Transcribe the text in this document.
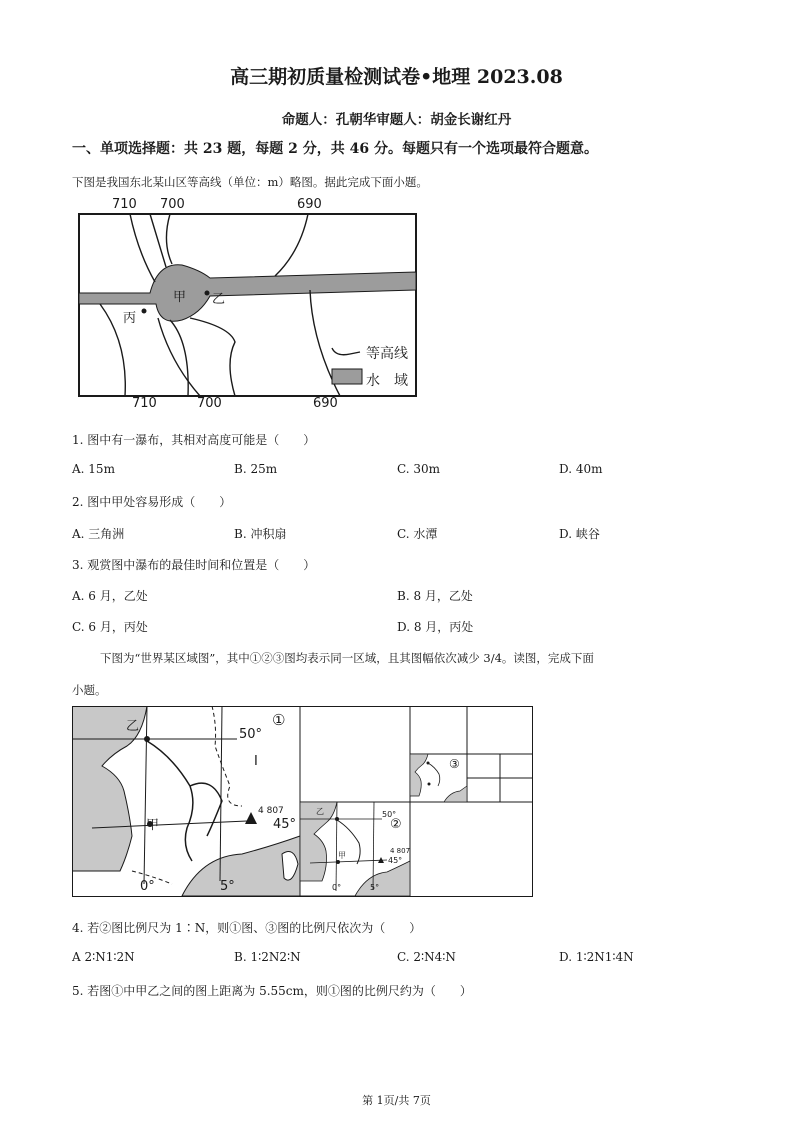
高三期初质量检测试卷•地理 2023.08
命题人：孔朝华审题人：胡金长谢红丹
一、单项选择题：共 23 题，每题 2 分，共 46 分。每题只有一个选项最符合题意。
下图是我国东北某山区等高线（单位：m）略图。据此完成下面小题。
710 700	690
710	700	690
甲 乙
丙
等高线
水　域
1. 图中有一瀑布，其相对高度可能是（　　）
A. 15m	B. 25m	C. 30m	D. 40m
2. 图中甲处容易形成（　　）
A. 三角洲	B. 冲积扇	C. 水潭	D. 峡谷
3. 观赏图中瀑布的最佳时间和位置是（　　）
A. 6 月，乙处	B. 8 月，乙处
C. 6 月，丙处	D. 8 月，丙处
下图为“世界某区域图”，其中①②③图均表示同一区域，且其图幅依次减少 3/4。读图，完成下面
小题。
①
②
③
50°
45°
0°	5°
4 807
乙
甲
I
乙
甲
50°
45°
0°	5°
4 807
4. 若②图比例尺为 1∶N，则①图、③图的比例尺依次为（　　）
A 2∶N1∶2N	B. 1∶2N2∶N	C. 2∶N4∶N	D. 1∶2N1∶4N
5. 若图①中甲乙之间的图上距离为 5.55cm，则①图的比例尺约为（　　）
第 1页/共 7页
